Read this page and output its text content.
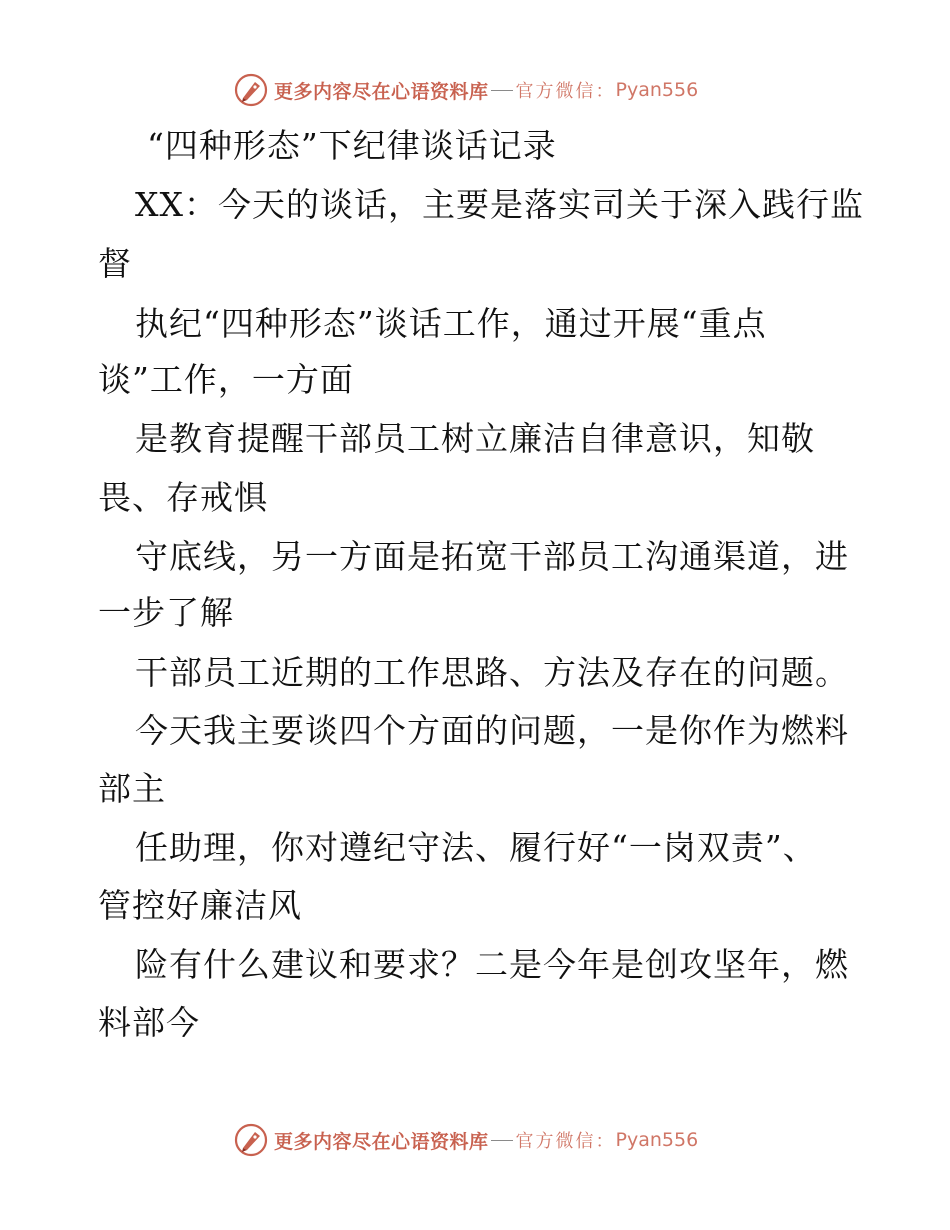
更多内容尽在心语资料库 官方微信： Pyan556
“四种形态”下纪律谈话记录
XX：今天的谈话，主要是落实司关于深入践行监
督
执纪“四种形态”谈话工作，通过开展“重点
谈”工作，一方面
是教育提醒干部员工树立廉洁自律意识，知敬
畏、存戒惧
守底线，另一方面是拓宽干部员工沟通渠道，进
一步了解
干部员工近期的工作思路、方法及存在的问题。
今天我主要谈四个方面的问题，一是你作为燃料
部主
任助理，你对遵纪守法、履行好“一岗双责”、
管控好廉洁风
险有什么建议和要求？二是今年是创攻坚年，燃
料部今
更多内容尽在心语资料库 官方微信： Pyan556
